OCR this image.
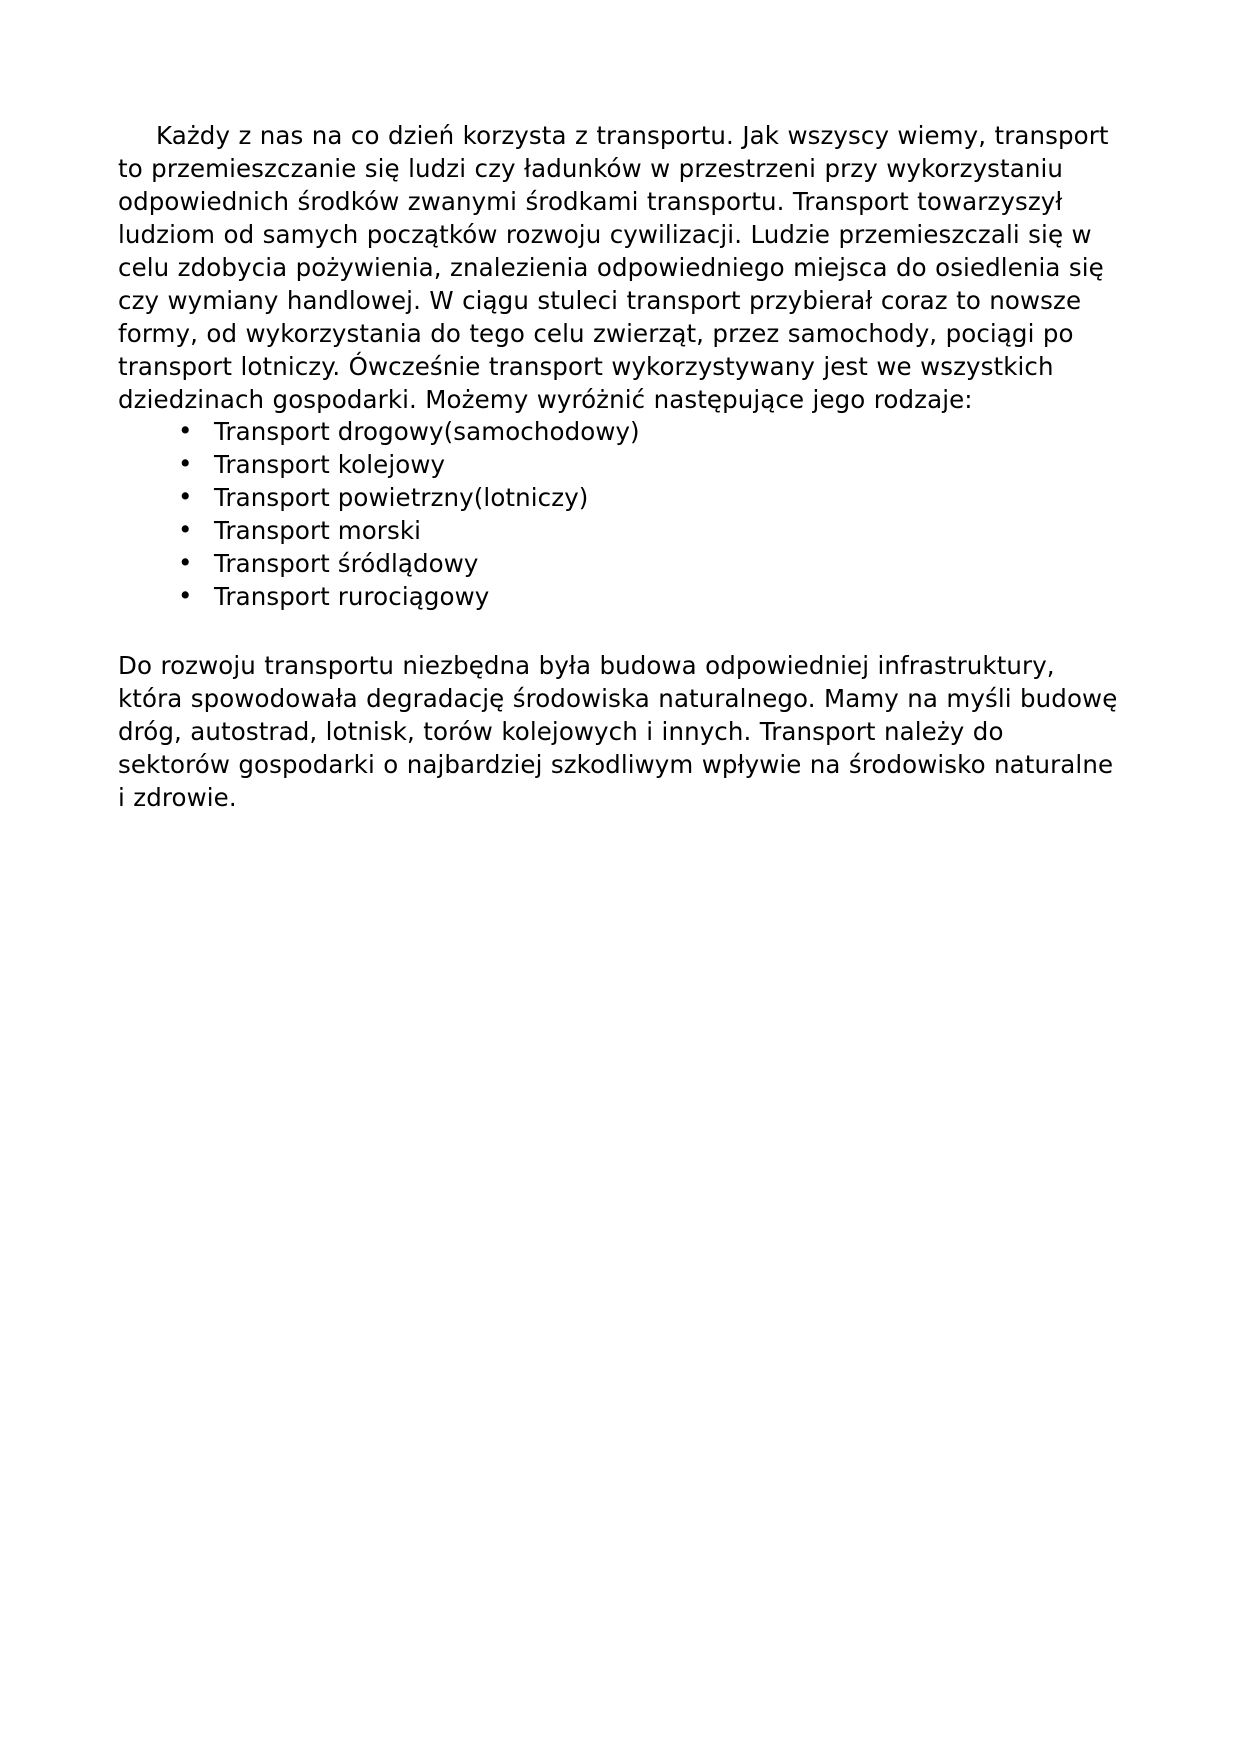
Każdy z nas na co dzień korzysta z transportu. Jak wszyscy wiemy, transport to przemieszczanie się ludzi czy ładunków w przestrzeni przy wykorzystaniu odpowiednich środków zwanymi środkami transportu. Transport towarzyszył ludziom od samych początków rozwoju cywilizacji. Ludzie przemieszczali się w celu zdobycia pożywienia, znalezienia odpowiedniego miejsca do osiedlenia się czy wymiany handlowej. W ciągu stuleci transport przybierał coraz to nowsze formy, od wykorzystania do tego celu zwierząt, przez samochody, pociągi po transport lotniczy. Ówcześnie transport wykorzystywany jest we wszystkich dziedzinach gospodarki. Możemy wyróżnić następujące jego rodzaje:

• Transport drogowy(samochodowy)
• Transport kolejowy
• Transport powietrzny(lotniczy)
• Transport morski
• Transport śródlądowy
• Transport rurociągowy

Do rozwoju transportu niezbędna była budowa odpowiedniej infrastruktury, która spowodowała degradację środowiska naturalnego. Mamy na myśli budowę dróg, autostrad, lotnisk, torów kolejowych i innych. Transport należy do sektorów gospodarki o najbardziej szkodliwym wpływie na środowisko naturalne i zdrowie.
